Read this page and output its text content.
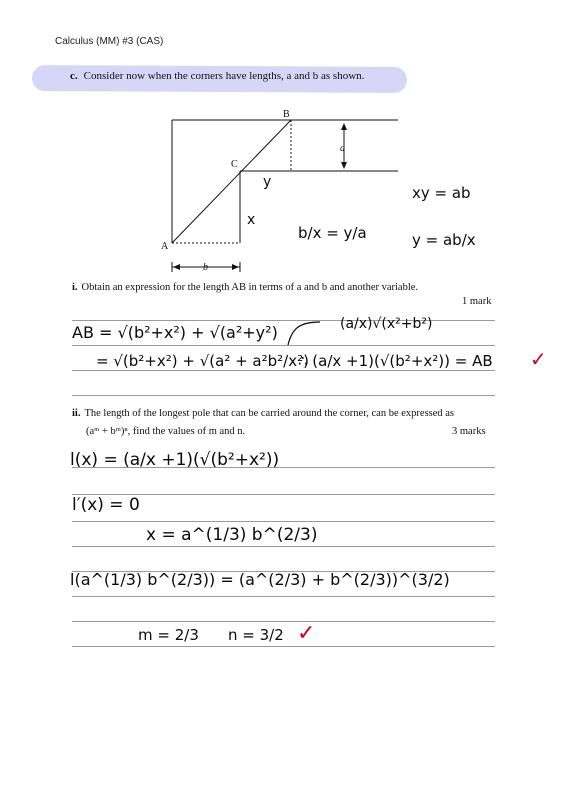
Calculus (MM) #3 (CAS)
c. Consider now when the corners have lengths, a and b as shown.
B
C
A
a
b
x
y
xy = ab
b/x = y/a	y = ab/x
i. Obtain an expression for the length AB in terms of a and b and another variable.
1 mark
AB = √(b²+x²) + √(a²+y²)	(a/x)√(x²+b²)
= √(b²+x²) + √(a² + a²b²/x²)
∴ (a/x +1)(√(b²+x²)) = AB ✓
ii. The length of the longest pole that can be carried around the corner, can be expressed as
(aᵐ + bᵐ)ⁿ, find the values of m and n.	3 marks
l(x) = (a/x +1)(√(b²+x²))
l′(x) = 0
x = a^(1/3) b^(2/3)
l(a^(1/3) b^(2/3)) = (a^(2/3) + b^(2/3))^(3/2)
m = 2/3 n = 3/2 ✓
